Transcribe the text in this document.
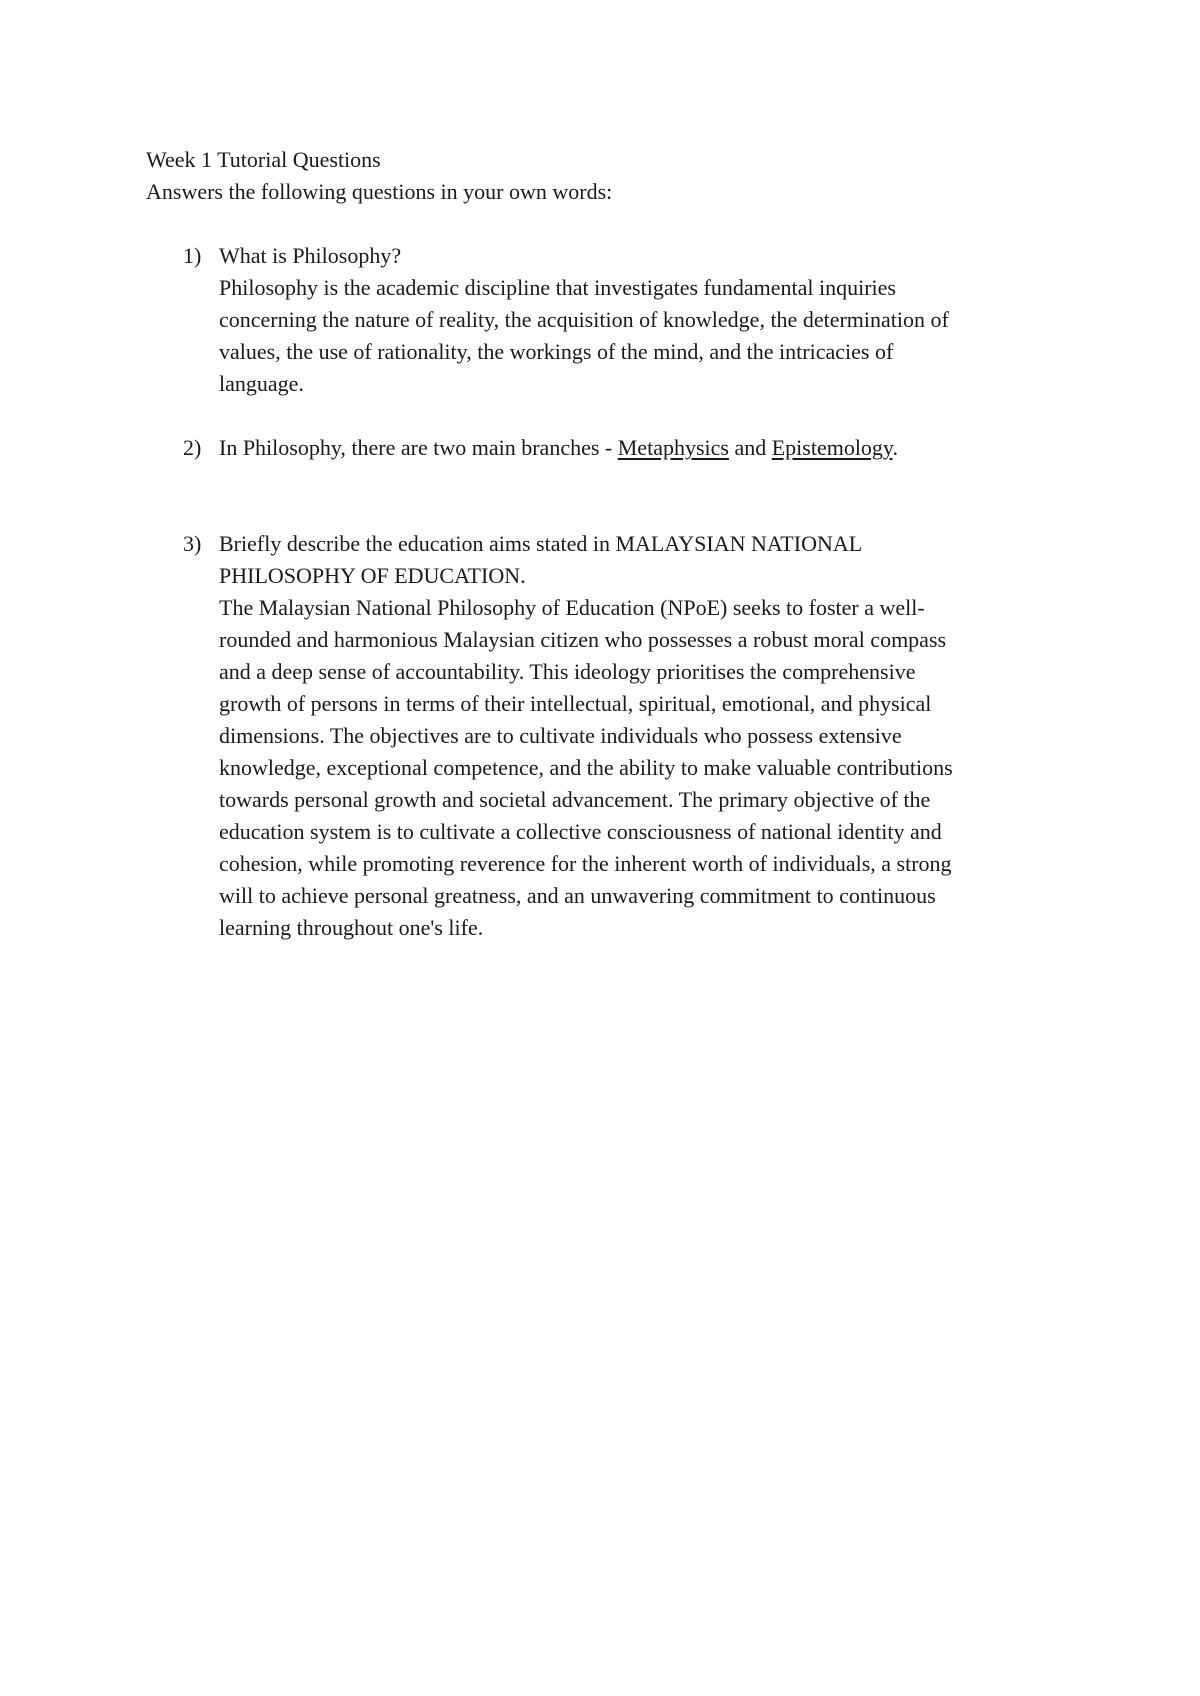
Week 1 Tutorial Questions
Answers the following questions in your own words:
1) What is Philosophy?
Philosophy is the academic discipline that investigates fundamental inquiries
concerning the nature of reality, the acquisition of knowledge, the determination of
values, the use of rationality, the workings of the mind, and the intricacies of
language.
2) In Philosophy, there are two main branches - Metaphysics and Epistemology.
3) Briefly describe the education aims stated in MALAYSIAN NATIONAL
PHILOSOPHY OF EDUCATION.
The Malaysian National Philosophy of Education (NPoE) seeks to foster a well-
rounded and harmonious Malaysian citizen who possesses a robust moral compass
and a deep sense of accountability. This ideology prioritises the comprehensive
growth of persons in terms of their intellectual, spiritual, emotional, and physical
dimensions. The objectives are to cultivate individuals who possess extensive
knowledge, exceptional competence, and the ability to make valuable contributions
towards personal growth and societal advancement. The primary objective of the
education system is to cultivate a collective consciousness of national identity and
cohesion, while promoting reverence for the inherent worth of individuals, a strong
will to achieve personal greatness, and an unwavering commitment to continuous
learning throughout one's life.
